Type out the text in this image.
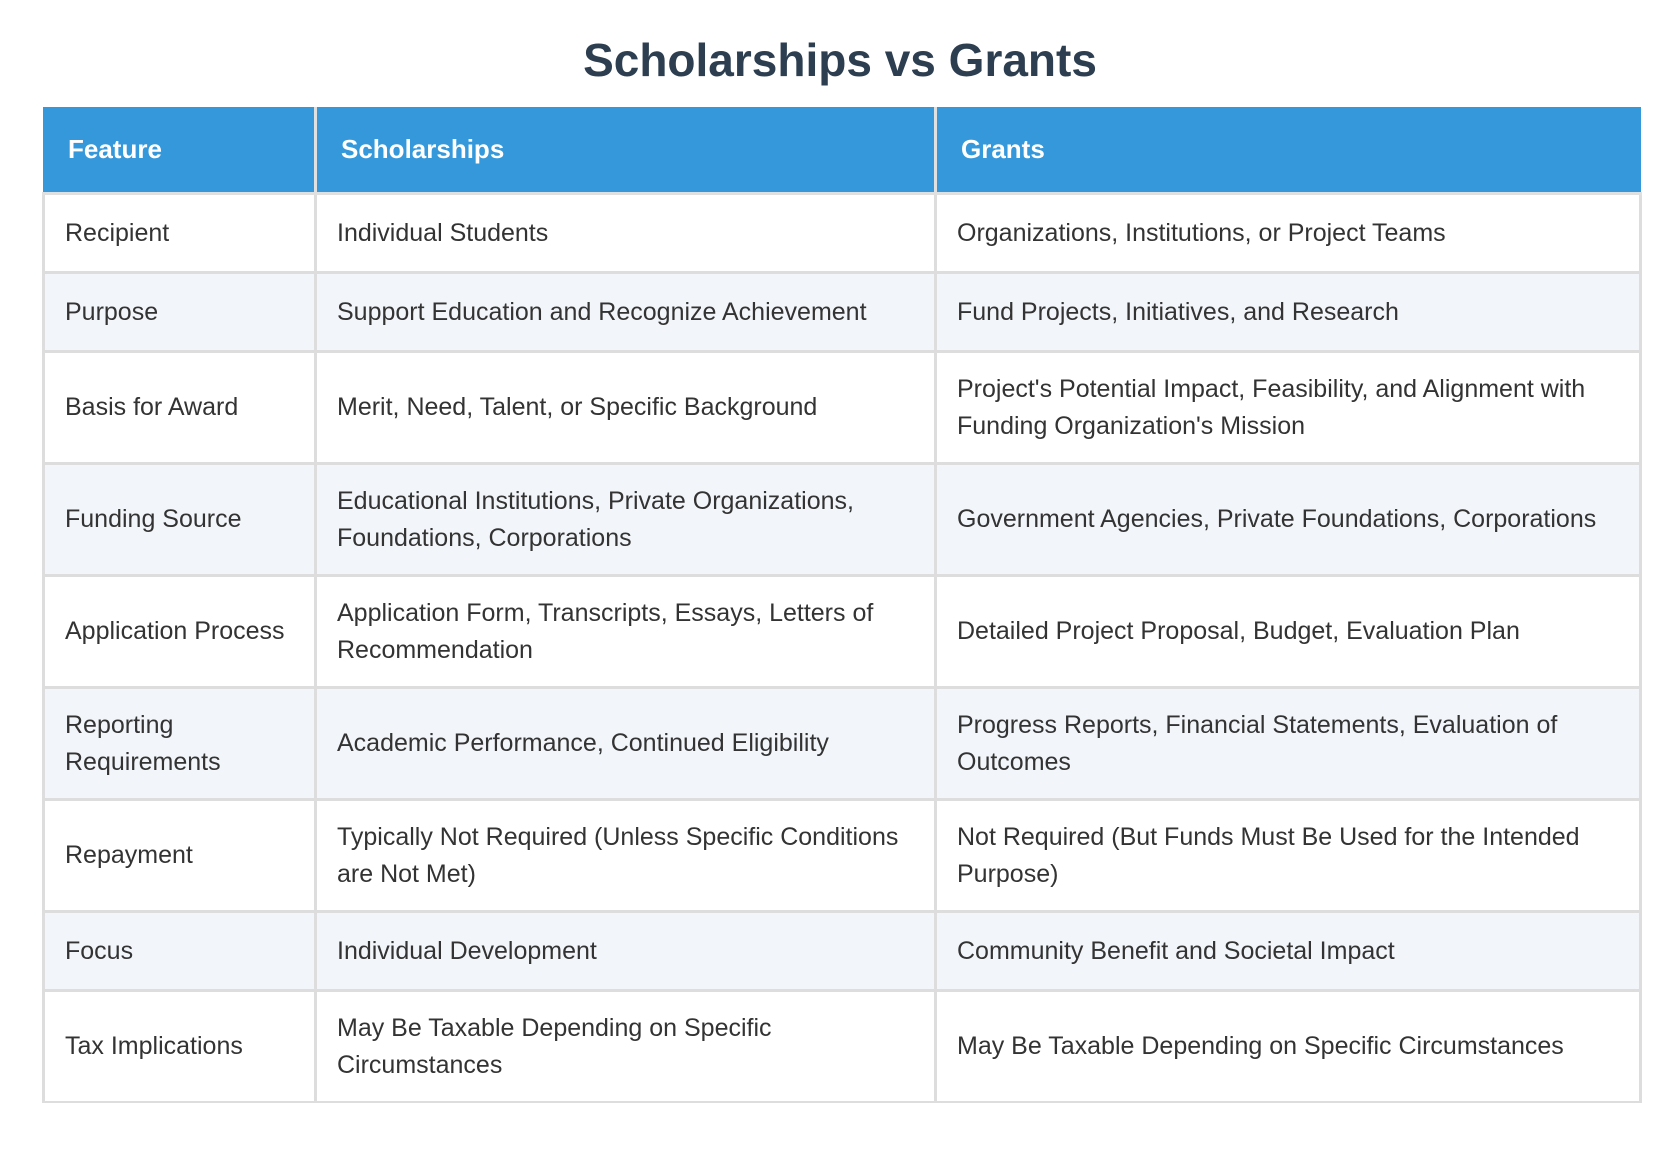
Scholarships vs Grants
Feature	Scholarships	Grants
Recipient	Individual Students	Organizations, Institutions, or Project Teams
Purpose	Support Education and Recognize Achievement	Fund Projects, Initiatives, and Research
Basis for Award	Merit, Need, Talent, or Specific Background	Project's Potential Impact, Feasibility, and Alignment with Funding Organization's Mission
Funding Source	Educational Institutions, Private Organizations, Foundations, Corporations	Government Agencies, Private Foundations, Corporations
Application Process	Application Form, Transcripts, Essays, Letters of Recommendation	Detailed Project Proposal, Budget, Evaluation Plan
Reporting Requirements	Academic Performance, Continued Eligibility	Progress Reports, Financial Statements, Evaluation of Outcomes
Repayment	Typically Not Required (Unless Specific Conditions are Not Met)	Not Required (But Funds Must Be Used for the Intended Purpose)
Focus	Individual Development	Community Benefit and Societal Impact
Tax Implications	May Be Taxable Depending on Specific Circumstances	May Be Taxable Depending on Specific Circumstances
